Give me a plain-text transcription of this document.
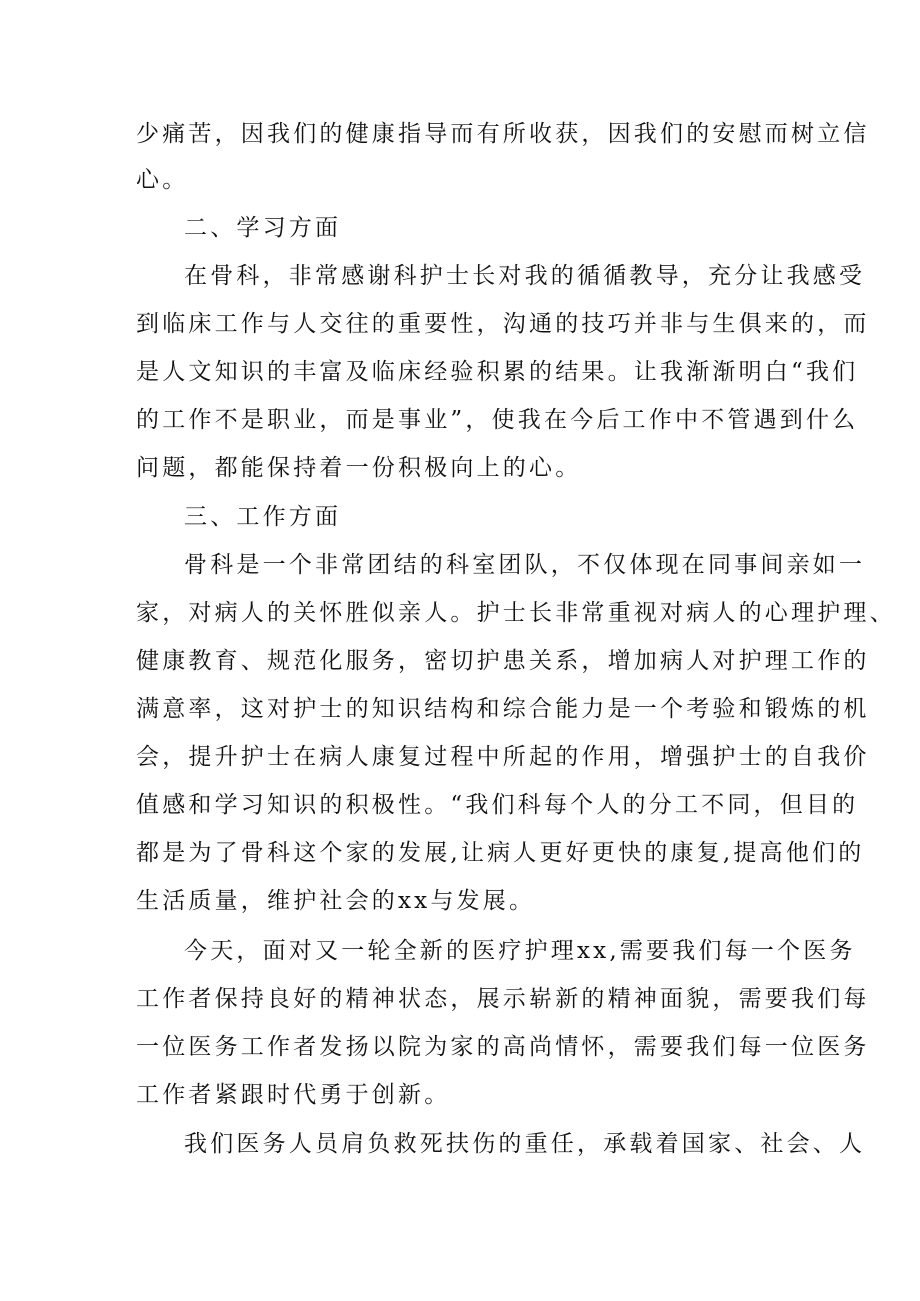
少痛苦，因我们的健康指导而有所收获，因我们的安慰而树立信
心。
二、学习方面
在骨科，非常感谢科护士长对我的循循教导，充分让我感受
到临床工作与人交往的重要性，沟通的技巧并非与生俱来的，而
是人文知识的丰富及临床经验积累的结果。让我渐渐明白“我们
的工作不是职业，而是事业”，使我在今后工作中不管遇到什么
问题，都能保持着一份积极向上的心。
三、工作方面
骨科是一个非常团结的科室团队，不仅体现在同事间亲如一
家，对病人的关怀胜似亲人。护士长非常重视对病人的心理护理、
健康教育、规范化服务，密切护患关系，增加病人对护理工作的
满意率，这对护士的知识结构和综合能力是一个考验和锻炼的机
会，提升护士在病人康复过程中所起的作用，增强护士的自我价
值感和学习知识的积极性。“我们科每个人的分工不同，但目的
都是为了骨科这个家的发展,让病人更好更快的康复,提高他们的
生活质量，维护社会的xx与发展。
今天，面对又一轮全新的医疗护理xx,需要我们每一个医务
工作者保持良好的精神状态，展示崭新的精神面貌，需要我们每
一位医务工作者发扬以院为家的高尚情怀，需要我们每一位医务
工作者紧跟时代勇于创新。
我们医务人员肩负救死扶伤的重任，承载着国家、社会、人
